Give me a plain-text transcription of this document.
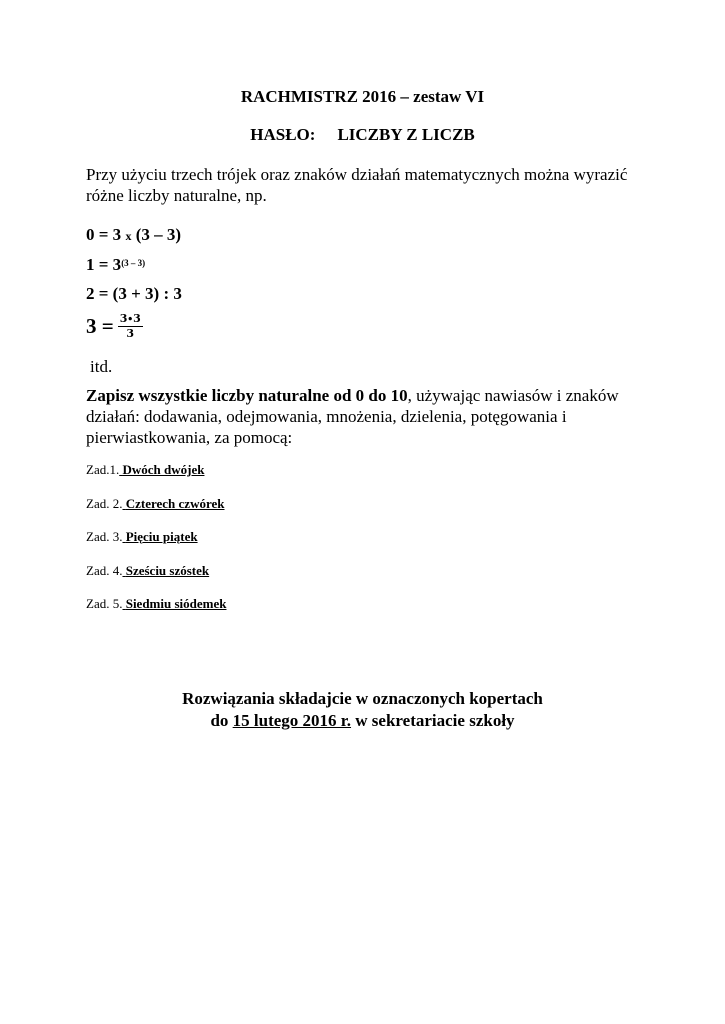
RACHMISTRZ 2016 – zestaw VI
HASŁO: LICZBY Z LICZB
Przy użyciu trzech trójek oraz znaków działań matematycznych można wyrazić różne liczby naturalne, np.
0 = 3 x (3 – 3)
$1 = 3^{(3 - 3)}$
2 = (3 + 3) : 3
$3 = \frac{3\cdot 3}{3}$
itd.
Zapisz wszystkie liczby naturalne od 0 do 10, używając nawiasów i znaków działań: dodawania, odejmowania, mnożenia, dzielenia, potęgowania i pierwiastkowania, za pomocą:
Zad.1. Dwóch dwójek
Zad. 2. Czterech czwórek
Zad. 3. Pięciu piątek
Zad. 4. Sześciu szóstek
Zad. 5. Siedmiu siódemek
Rozwiązania składajcie w oznaczonych kopertach
do 15 lutego 2016 r. w sekretariacie szkoły
